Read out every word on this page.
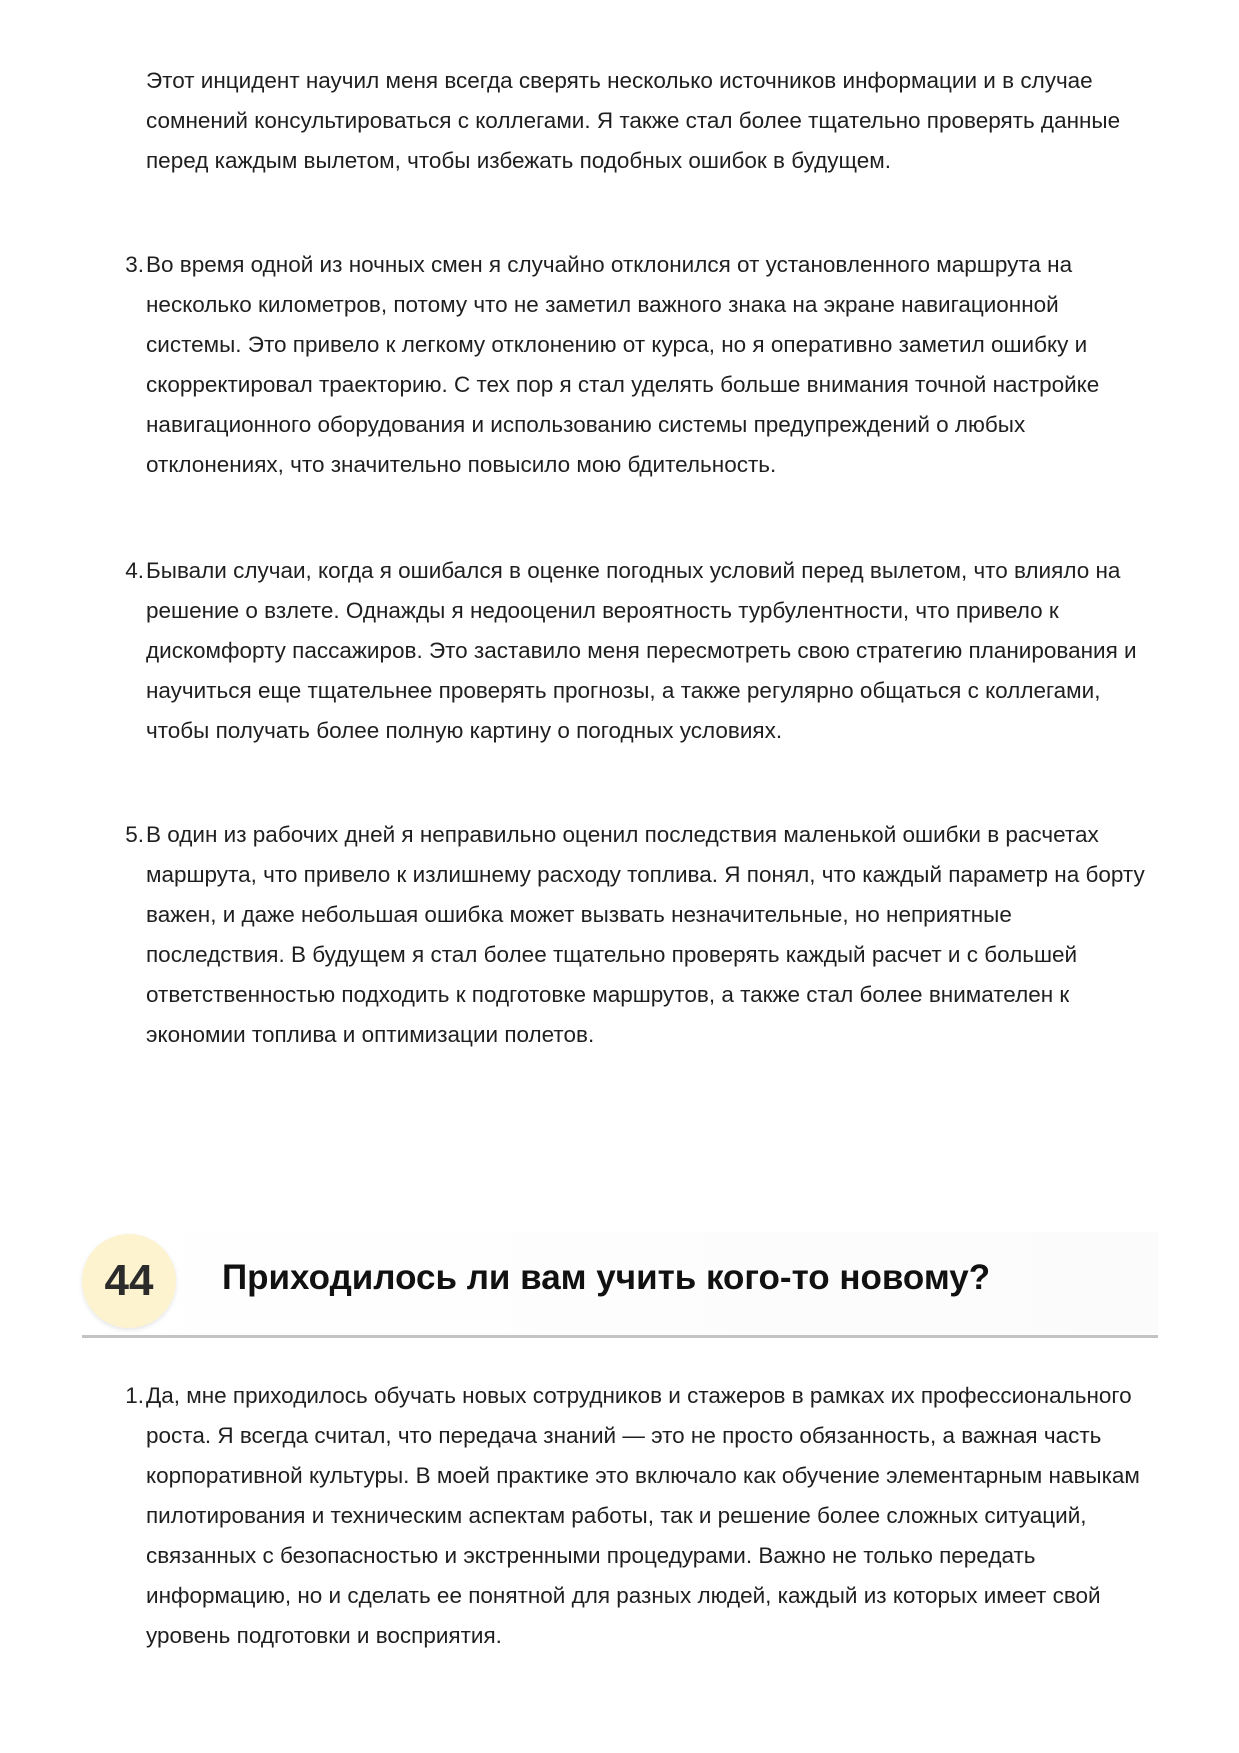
Этот инцидент научил меня всегда сверять несколько источников информации и в случае сомнений консультироваться с коллегами. Я также стал более тщательно проверять данные перед каждым вылетом, чтобы избежать подобных ошибок в будущем.

3. Во время одной из ночных смен я случайно отклонился от установленного маршрута на несколько километров, потому что не заметил важного знака на экране навигационной системы. Это привело к легкому отклонению от курса, но я оперативно заметил ошибку и скорректировал траекторию. С тех пор я стал уделять больше внимания точной настройке навигационного оборудования и использованию системы предупреждений о любых отклонениях, что значительно повысило мою бдительность.
4. Бывали случаи, когда я ошибался в оценке погодных условий перед вылетом, что влияло на решение о взлете. Однажды я недооценил вероятность турбулентности, что привело к дискомфорту пассажиров. Это заставило меня пересмотреть свою стратегию планирования и научиться еще тщательнее проверять прогнозы, а также регулярно общаться с коллегами, чтобы получать более полную картину о погодных условиях.
5. В один из рабочих дней я неправильно оценил последствия маленькой ошибки в расчетах маршрута, что привело к излишнему расходу топлива. Я понял, что каждый параметр на борту важен, и даже небольшая ошибка может вызвать незначительные, но неприятные последствия. В будущем я стал более тщательно проверять каждый расчет и с большей ответственностью подходить к подготовке маршрутов, а также стал более внимателен к экономии топлива и оптимизации полетов.
44	Приходилось ли вам учить кого-то новому?
1. Да, мне приходилось обучать новых сотрудников и стажеров в рамках их профессионального роста. Я всегда считал, что передача знаний — это не просто обязанность, а важная часть корпоративной культуры. В моей практике это включало как обучение элементарным навыкам пилотирования и техническим аспектам работы, так и решение более сложных ситуаций, связанных с безопасностью и экстренными процедурами. Важно не только передать информацию, но и сделать ее понятной для разных людей, каждый из которых имеет свой уровень подготовки и восприятия.
